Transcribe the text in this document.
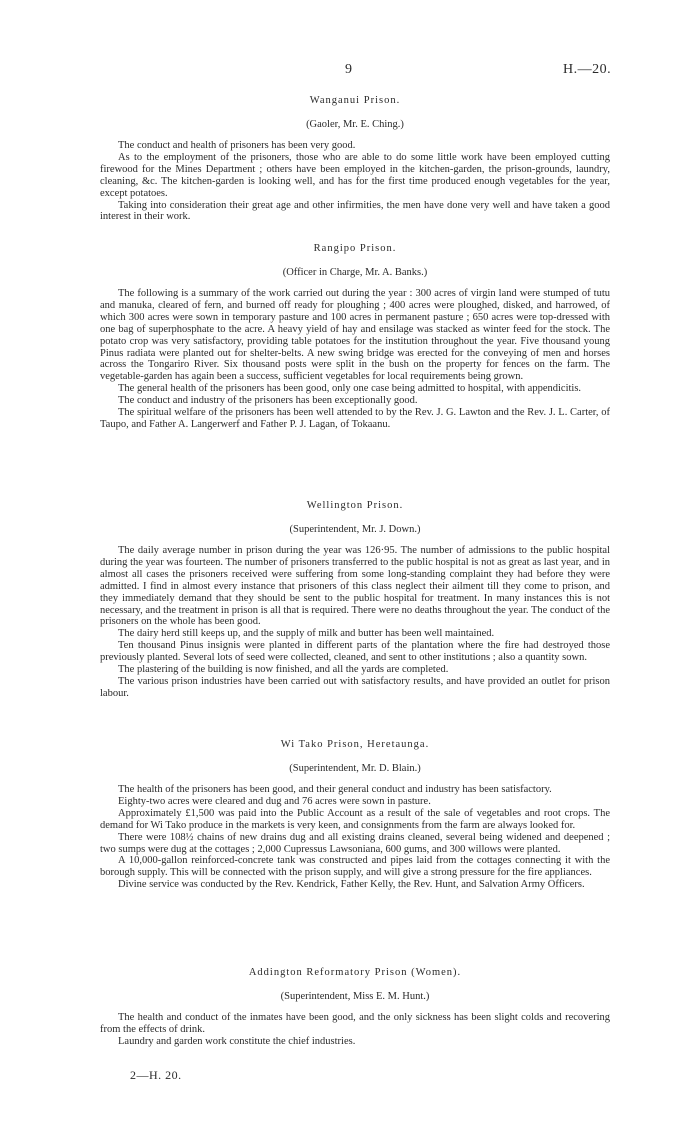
9	H.—20.

Wanganui Prison.

(Gaoler, Mr. E. Ching.)

The conduct and health of prisoners has been very good.

As to the employment of the prisoners, those who are able to do some little work have been employed cutting firewood for the Mines Department ; others have been employed in the kitchen-garden, the prison-grounds, laundry, cleaning, &c. The kitchen-garden is looking well, and has for the first time produced enough vegetables for the year, except potatoes.

Taking into consideration their great age and other infirmities, the men have done very well and have taken a good interest in their work.

Rangipo Prison.

(Officer in Charge, Mr. A. Banks.)

The following is a summary of the work carried out during the year : 300 acres of virgin land were stumped of tutu and manuka, cleared of fern, and burned off ready for ploughing ; 400 acres were ploughed, disked, and harrowed, of which 300 acres were sown in temporary pasture and 100 acres in permanent pasture ; 650 acres were top-dressed with one bag of superphosphate to the acre. A heavy yield of hay and ensilage was stacked as winter feed for the stock. The potato crop was very satisfactory, providing table potatoes for the institution throughout the year. Five thousand young Pinus radiata were planted out for shelter-belts. A new swing bridge was erected for the conveying of men and horses across the Tongariro River. Six thousand posts were split in the bush on the property for fences on the farm. The vegetable-garden has again been a success, sufficient vegetables for local requirements being grown.

The general health of the prisoners has been good, only one case being admitted to hospital, with appendicitis.

The conduct and industry of the prisoners has been exceptionally good.

The spiritual welfare of the prisoners has been well attended to by the Rev. J. G. Lawton and the Rev. J. L. Carter, of Taupo, and Father A. Langerwerf and Father P. J. Lagan, of Tokaanu.

Wellington Prison.

(Superintendent, Mr. J. Down.)

The daily average number in prison during the year was 126·95. The number of admissions to the public hospital during the year was fourteen. The number of prisoners transferred to the public hospital is not as great as last year, and in almost all cases the prisoners received were suffering from some long-standing complaint they had before they were admitted. I find in almost every instance that prisoners of this class neglect their ailment till they come to prison, and they immediately demand that they should be sent to the public hospital for treatment. In many instances this is not necessary, and the treatment in prison is all that is required. There were no deaths throughout the year. The conduct of the prisoners on the whole has been good.

The dairy herd still keeps up, and the supply of milk and butter has been well maintained.

Ten thousand Pinus insignis were planted in different parts of the plantation where the fire had destroyed those previously planted. Several lots of seed were collected, cleaned, and sent to other institutions ; also a quantity sown.

The plastering of the building is now finished, and all the yards are completed.

The various prison industries have been carried out with satisfactory results, and have provided an outlet for prison labour.

Wi Tako Prison, Heretaunga.

(Superintendent, Mr. D. Blain.)

The health of the prisoners has been good, and their general conduct and industry has been satisfactory.

Eighty-two acres were cleared and dug and 76 acres were sown in pasture.

Approximately £1,500 was paid into the Public Account as a result of the sale of vegetables and root crops. The demand for Wi Tako produce in the markets is very keen, and consignments from the farm are always looked for.

There were 108½ chains of new drains dug and all existing drains cleaned, several being widened and deepened ; two sumps were dug at the cottages ; 2,000 Cupressus Lawsoniana, 600 gums, and 300 willows were planted.

A 10,000-gallon reinforced-concrete tank was constructed and pipes laid from the cottages connecting it with the borough supply. This will be connected with the prison supply, and will give a strong pressure for the fire appliances.

Divine service was conducted by the Rev. Kendrick, Father Kelly, the Rev. Hunt, and Salvation Army Officers.

Addington Reformatory Prison (Women).

(Superintendent, Miss E. M. Hunt.)

The health and conduct of the inmates have been good, and the only sickness has been slight colds and recovering from the effects of drink.

Laundry and garden work constitute the chief industries.

2—H. 20.
